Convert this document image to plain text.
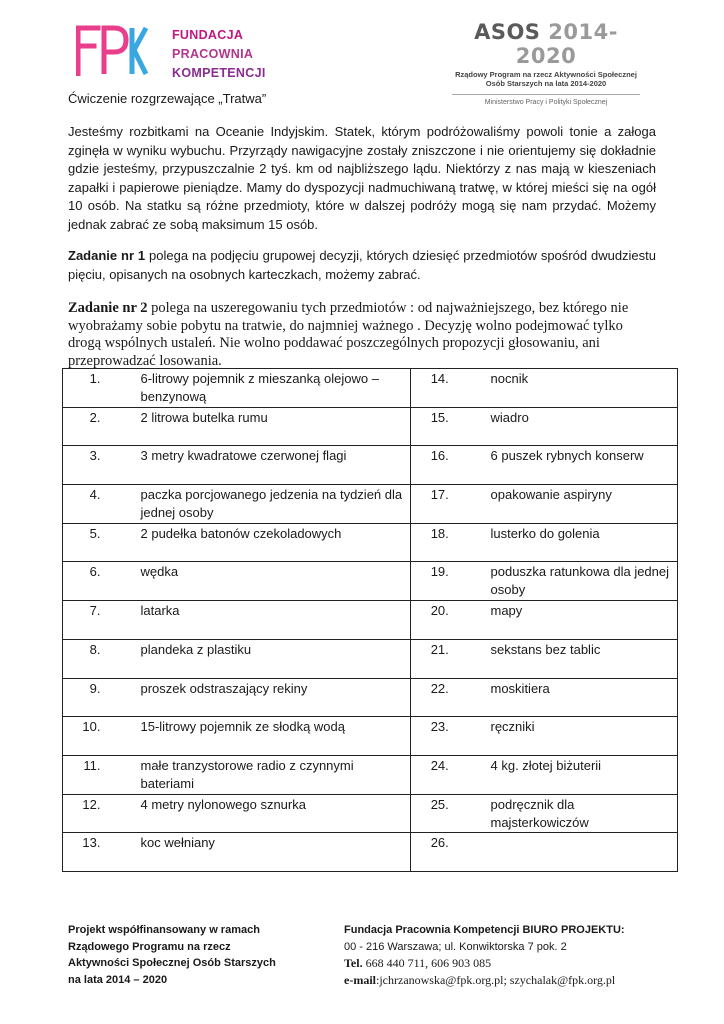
FUNDACJA
PRACOWNIA
KOMPETENCJI
ASOS 2014-2020
Rządowy Program na rzecz Aktywności Społecznej
Osób Starszych na lata 2014-2020
Ministerstwo Pracy i Polityki Społecznej
Ćwiczenie rozgrzewające „Tratwa”
Jesteśmy rozbitkami na Oceanie Indyjskim. Statek, którym podróżowaliśmy powoli tonie a załoga zginęła w wyniku wybuchu. Przyrządy nawigacyjne zostały zniszczone i nie orientujemy się dokładnie gdzie jesteśmy, przypuszczalnie 2 tyś. km od najbliższego lądu. Niektórzy z nas mają w kieszeniach zapałki i papierowe pieniądze. Mamy do dyspozycji nadmuchiwaną tratwę, w której mieści się na ogół 10 osób. Na statku są różne przedmioty, które w dalszej podróży mogą się nam przydać. Możemy jednak zabrać ze sobą maksimum 15 osób.
Zadanie nr 1 polega na podjęciu grupowej decyzji, których dziesięć przedmiotów spośród dwudziestu pięciu, opisanych na osobnych karteczkach, możemy zabrać.
Zadanie nr 2 polega na uszeregowaniu tych przedmiotów : od najważniejszego, bez którego nie wyobrażamy sobie pobytu na tratwie, do najmniej ważnego . Decyzję wolno podejmować tylko drogą wspólnych ustaleń. Nie wolno poddawać poszczególnych propozycji głosowaniu, ani przeprowadzać losowania.
1.	6-litrowy pojemnik z mieszanką olejowo – benzynową	14.	nocnik
2.	2 litrowa butelka rumu	15.	wiadro
3.	3 metry kwadratowe czerwonej flagi	16.	6 puszek rybnych konserw
4.	paczka porcjowanego jedzenia na tydzień dla jednej osoby	17.	opakowanie aspiryny
5.	2 pudełka batonów czekoladowych	18.	lusterko do golenia
6.	wędka	19.	poduszka ratunkowa dla jednej osoby
7.	latarka	20.	mapy
8.	plandeka z plastiku	21.	sekstans bez tablic
9.	proszek odstraszający rekiny	22.	moskitiera
10.	15-litrowy pojemnik ze słodką wodą	23.	ręczniki
11.	małe tranzystorowe radio z czynnymi bateriami	24.	4 kg. złotej biżuterii
12.	4 metry nylonowego sznurka	25.	podręcznik dla majsterkowiczów
13.	koc wełniany	26.	
Projekt współfinansowany w ramach
Rządowego Programu na rzecz
Aktywności Społecznej Osób Starszych
na lata 2014 – 2020
Fundacja Pracownia Kompetencji BIURO PROJEKTU:
00 - 216 Warszawa; ul. Konwiktorska 7 pok. 2
Tel. 668 440 711, 606 903 085
e-mail:jchrzanowska@fpk.org.pl; szychalak@fpk.org.pl
